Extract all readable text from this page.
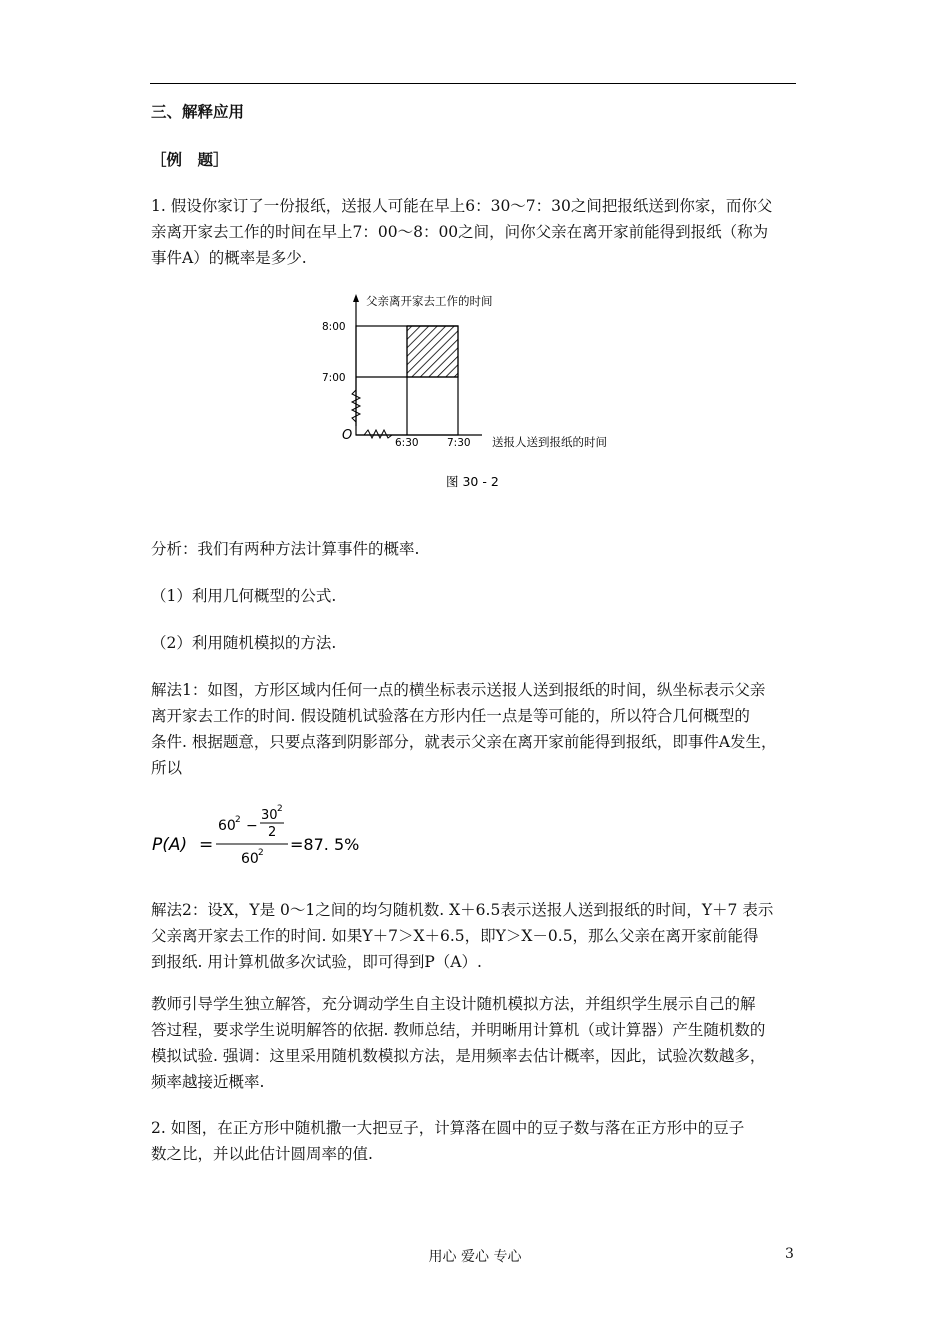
三、解释应用

［例　题］

1. 假设你家订了一份报纸，送报人可能在早上6：30～7：30之间把报纸送到你家，而你父
亲离开家去工作的时间在早上7：00～8：00之间，问你父亲在离开家前能得到报纸（称为
事件A）的概率是多少.
父亲离开家去工作的时间
8:00
7:00
O	6:30	7:30 送报人送到报纸的时间
图 30 - 2

分析：我们有两种方法计算事件的概率.

（1）利用几何概型的公式.

（2）利用随机模拟的方法.

解法1：如图，方形区域内任何一点的横坐标表示送报人送到报纸的时间，纵坐标表示父亲
离开家去工作的时间. 假设随机试验落在方形内任一点是等可能的，所以符合几何概型的
条件. 根据题意，只要点落到阴影部分，就表示父亲在离开家前能得到报纸，即事件A发生，
所以
P(A) =
60 2 −
30 2
2
60 2 =87. 5%
解法2：设X，Y是 0～1之间的均匀随机数. X＋6.5表示送报人送到报纸的时间，Y＋7 表示
父亲离开家去工作的时间. 如果Y＋7＞X＋6.5，即Y＞X－0.5，那么父亲在离开家前能得
到报纸. 用计算机做多次试验，即可得到P（A）.
教师引导学生独立解答，充分调动学生自主设计随机模拟方法，并组织学生展示自己的解
答过程，要求学生说明解答的依据. 教师总结，并明晰用计算机（或计算器）产生随机数的
模拟试验. 强调：这里采用随机数模拟方法，是用频率去估计概率，因此，试验次数越多，
频率越接近概率.
2. 如图，在正方形中随机撒一大把豆子，计算落在圆中的豆子数与落在正方形中的豆子
数之比，并以此估计圆周率的值.
用心 爱心 专心	3
